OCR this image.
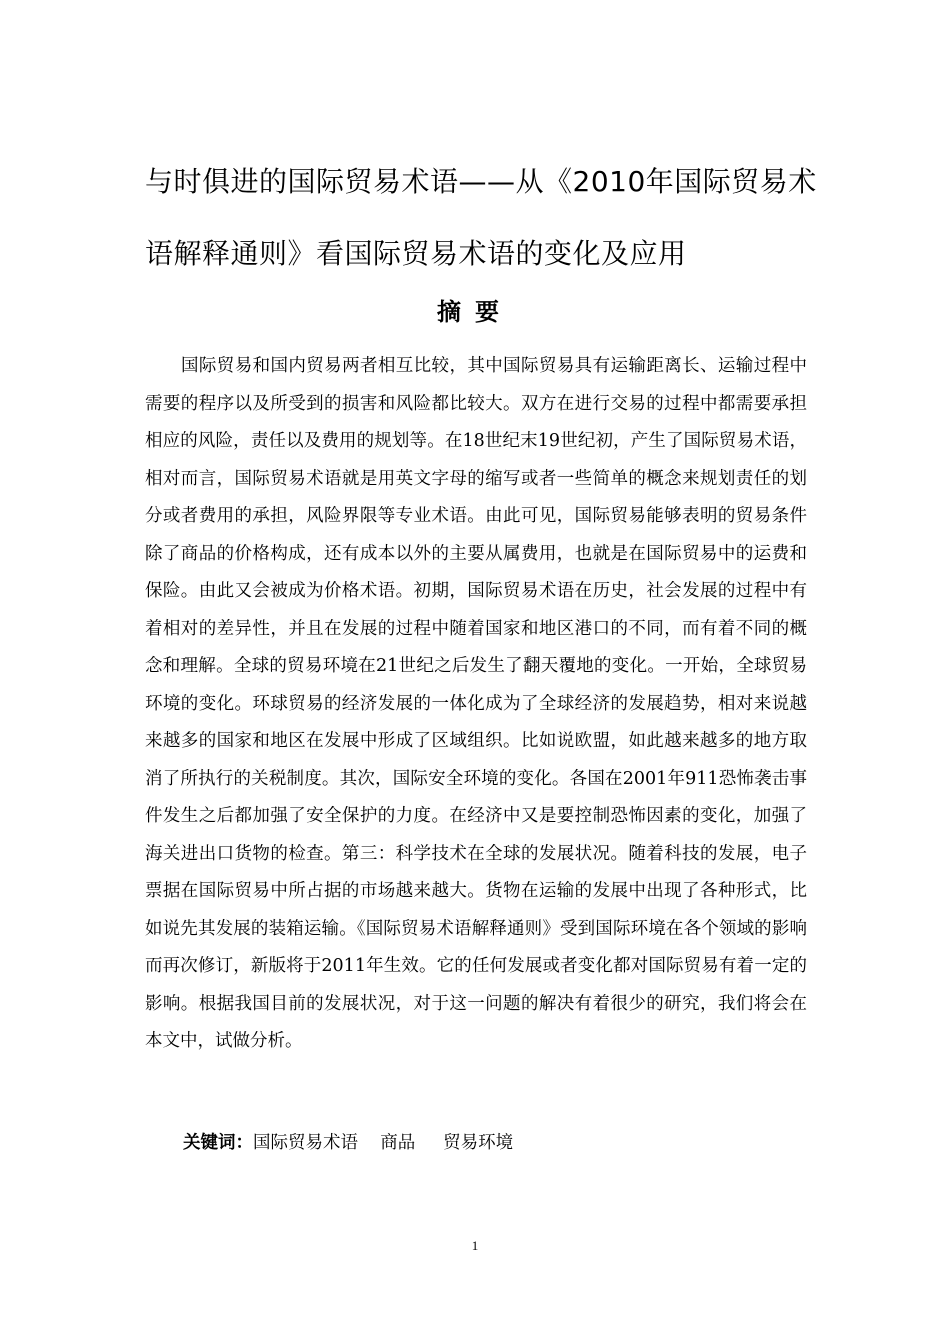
与时俱进的国际贸易术语——从《2010年国际贸易术语解释通则》看国际贸易术语的变化及应用
摘要

国际贸易和国内贸易两者相互比较，其中国际贸易具有运输距离长、运输过程中需要的程序以及所受到的损害和风险都比较大。双方在进行交易的过程中都需要承担相应的风险，责任以及费用的规划等。在18世纪末19世纪初，产生了国际贸易术语，相对而言，国际贸易术语就是用英文字母的缩写或者一些简单的概念来规划责任的划分或者费用的承担，风险界限等专业术语。由此可见，国际贸易能够表明的贸易条件除了商品的价格构成，还有成本以外的主要从属费用，也就是在国际贸易中的运费和保险。由此又会被成为价格术语。初期，国际贸易术语在历史，社会发展的过程中有着相对的差异性，并且在发展的过程中随着国家和地区港口的不同，而有着不同的概念和理解。全球的贸易环境在21世纪之后发生了翻天覆地的变化。一开始，全球贸易环境的变化。环球贸易的经济发展的一体化成为了全球经济的发展趋势，相对来说越来越多的国家和地区在发展中形成了区域组织。比如说欧盟，如此越来越多的地方取消了所执行的关税制度。其次，国际安全环境的变化。各国在2001年911恐怖袭击事件发生之后都加强了安全保护的力度。在经济中又是要控制恐怖因素的变化，加强了海关进出口货物的检查。第三：科学技术在全球的发展状况。随着科技的发展，电子票据在国际贸易中所占据的市场越来越大。货物在运输的发展中出现了各种形式，比如说先其发展的装箱运输。《国际贸易术语解释通则》受到国际环境在各个领域的影响而再次修订，新版将于2011年生效。它的任何发展或者变化都对国际贸易有着一定的影响。根据我国目前的发展状况，对于这一问题的解决有着很少的研究，我们将会在本文中，试做分析。

关键词：国际贸易术语    商品     贸易环境

1
